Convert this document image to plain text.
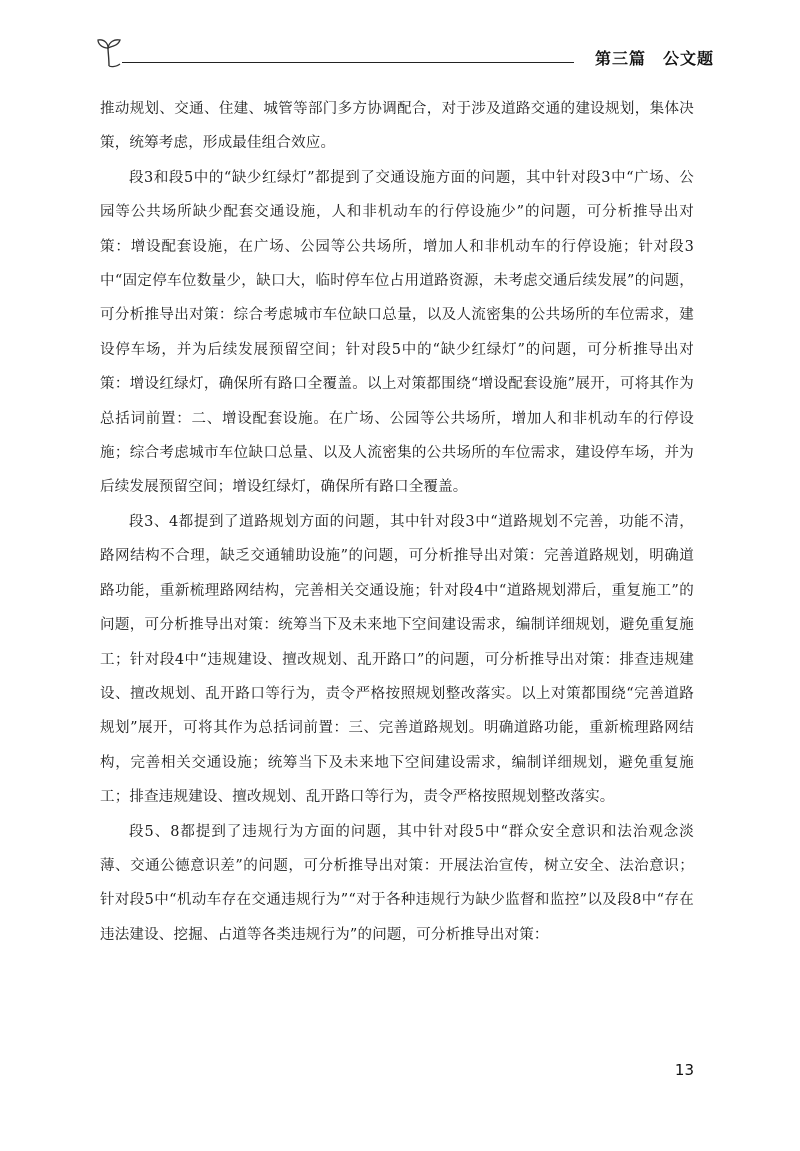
第三篇　公文题

推动规划、交通、住建、城管等部门多方协调配合，对于涉及道路交通的建设规划，集体决策，统筹考虑，形成最佳组合效应。

段3和段5中的“缺少红绿灯”都提到了交通设施方面的问题，其中针对段3中“广场、公园等公共场所缺少配套交通设施，人和非机动车的行停设施少”的问题，可分析推导出对策：增设配套设施，在广场、公园等公共场所，增加人和非机动车的行停设施；针对段3中“固定停车位数量少，缺口大，临时停车位占用道路资源，未考虑交通后续发展”的问题，可分析推导出对策：综合考虑城市车位缺口总量，以及人流密集的公共场所的车位需求，建设停车场，并为后续发展预留空间；针对段5中的“缺少红绿灯”的问题，可分析推导出对策：增设红绿灯，确保所有路口全覆盖。以上对策都围绕“增设配套设施”展开，可将其作为总括词前置：二、增设配套设施。在广场、公园等公共场所，增加人和非机动车的行停设施；综合考虑城市车位缺口总量、以及人流密集的公共场所的车位需求，建设停车场，并为后续发展预留空间；增设红绿灯，确保所有路口全覆盖。

段3、4都提到了道路规划方面的问题，其中针对段3中“道路规划不完善，功能不清，路网结构不合理，缺乏交通辅助设施”的问题，可分析推导出对策：完善道路规划，明确道路功能，重新梳理路网结构，完善相关交通设施；针对段4中“道路规划滞后，重复施工”的问题，可分析推导出对策：统筹当下及未来地下空间建设需求，编制详细规划，避免重复施工；针对段4中“违规建设、擅改规划、乱开路口”的问题，可分析推导出对策：排查违规建设、擅改规划、乱开路口等行为，责令严格按照规划整改落实。以上对策都围绕“完善道路规划”展开，可将其作为总括词前置：三、完善道路规划。明确道路功能，重新梳理路网结构，完善相关交通设施；统筹当下及未来地下空间建设需求，编制详细规划，避免重复施工；排查违规建设、擅改规划、乱开路口等行为，责令严格按照规划整改落实。

段5、8都提到了违规行为方面的问题，其中针对段5中“群众安全意识和法治观念淡薄、交通公德意识差”的问题，可分析推导出对策：开展法治宣传，树立安全、法治意识；针对段5中“机动车存在交通违规行为”“对于各种违规行为缺少监督和监控”以及段8中“存在违法建设、挖掘、占道等各类违规行为”的问题，可分析推导出对策：

13
